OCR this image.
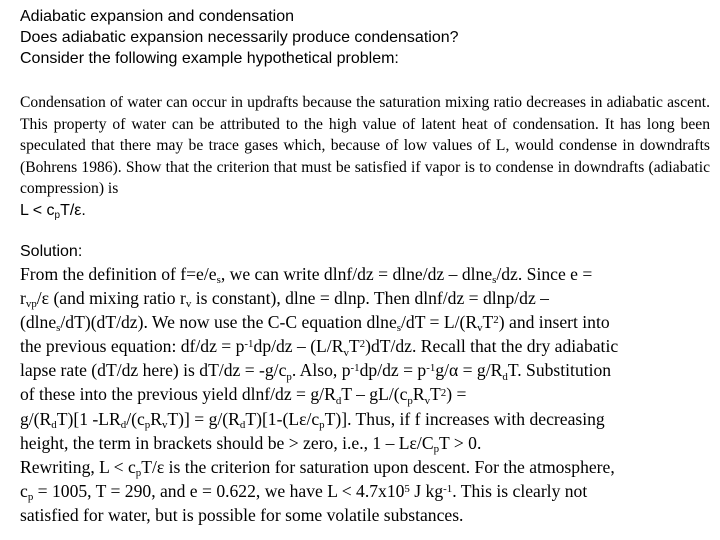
Adiabatic expansion and condensation
Does adiabatic expansion necessarily produce condensation?
Consider the following example hypothetical problem:

Condensation of water can occur in updrafts because the saturation mixing ratio decreases in adiabatic ascent. This property of water can be attributed to the high value of latent heat of condensation. It has long been speculated that there may be trace gases which, because of low values of L, would condense in downdrafts (Bohrens 1986). Show that the criterion that must be satisfied if vapor is to condense in downdrafts (adiabatic compression) is

$L < c_pT/\varepsilon$.
Solution:

From the definition of $f=e/e_s$, we can write dlnf/dz = dlne/dz – dlne$_s$/dz. Since e =
$r_{vp}/\varepsilon$ (and mixing ratio $r_v$ is constant), dlne = dlnp. Then dlnf/dz = dlnp/dz –
(dlne$_s$/dT)(dT/dz). We now use the C-C equation $dlne_s/dT = L/(R_vT^2)$ and insert into
the previous equation: $df/dz = p^{-1}dp/dz - (L/R_vT^2)dT/dz$. Recall that the dry adiabatic
lapse rate (dT/dz here) is $dT/dz = -g/c_p$. Also, $p^{-1}dp/dz = p^{-1}g/\alpha = g/R_dT$. Substitution
of these into the previous yield $dlnf/dz = g/R_dT - gL/(c_pR_vT^2)$ =
$g/(R_dT)[1$ $-LR_d/(c_pR_vT)] = g/(R_dT)[1-(L\varepsilon/c_pT)]$. Thus, if f increases with decreasing
height, the term in brackets should be > zero, i.e., $1 - L\varepsilon/C_pT > 0$.
Rewriting, $L < c_pT/\varepsilon$ is the criterion for saturation upon descent. For the atmosphere,
$c_p = 1005$, T = 290, and e = 0.622, we have $L < 4.7x10^5$ J $kg^{-1}$. This is clearly not
satisfied for water, but is possible for some volatile substances.
